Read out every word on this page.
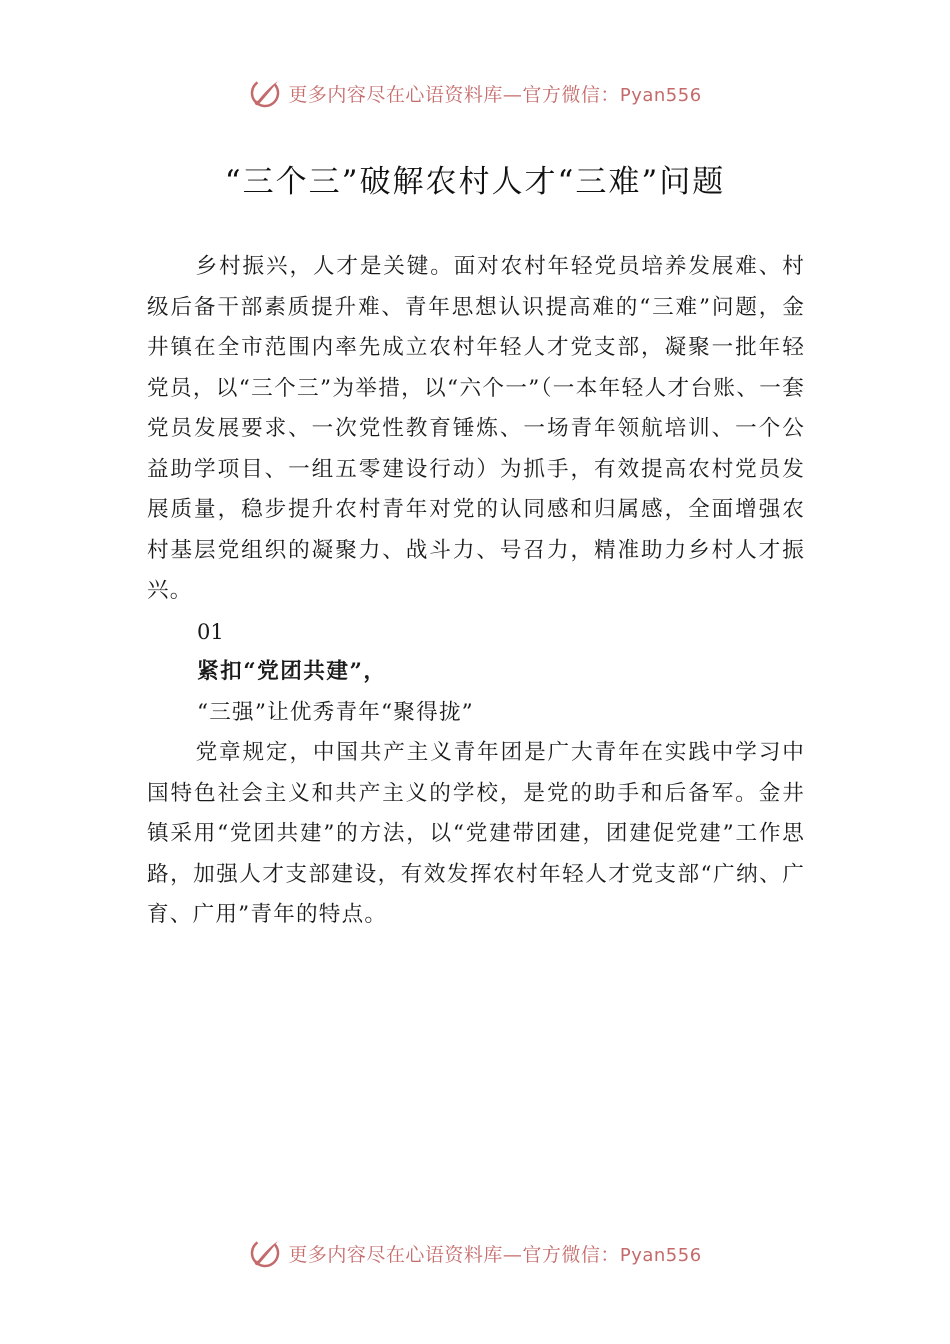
更多内容尽在心语资料库—官方微信：Pyan556
“三个三”破解农村人才“三难”问题

乡村振兴，人才是关键。面对农村年轻党员培养发展难、村级后备干部素质提升难、青年思想认识提高难的“三难”问题，金井镇在全市范围内率先成立农村年轻人才党支部，凝聚一批年轻党员，以“三个三”为举措，以“六个一”（一本年轻人才台账、一套党员发展要求、一次党性教育锤炼、一场青年领航培训、一个公益助学项目、一组五零建设行动）为抓手，有效提高农村党员发展质量，稳步提升农村青年对党的认同感和归属感，全面增强农村基层党组织的凝聚力、战斗力、号召力，精准助力乡村人才振兴。

01

紧扣“党团共建”，

“三强”让优秀青年“聚得拢”

党章规定，中国共产主义青年团是广大青年在实践中学习中国特色社会主义和共产主义的学校，是党的助手和后备军。金井镇采用“党团共建”的方法，以“党建带团建，团建促党建”工作思路，加强人才支部建设，有效发挥农村年轻人才党支部“广纳、广育、广用”青年的特点。

更多内容尽在心语资料库—官方微信：Pyan556
